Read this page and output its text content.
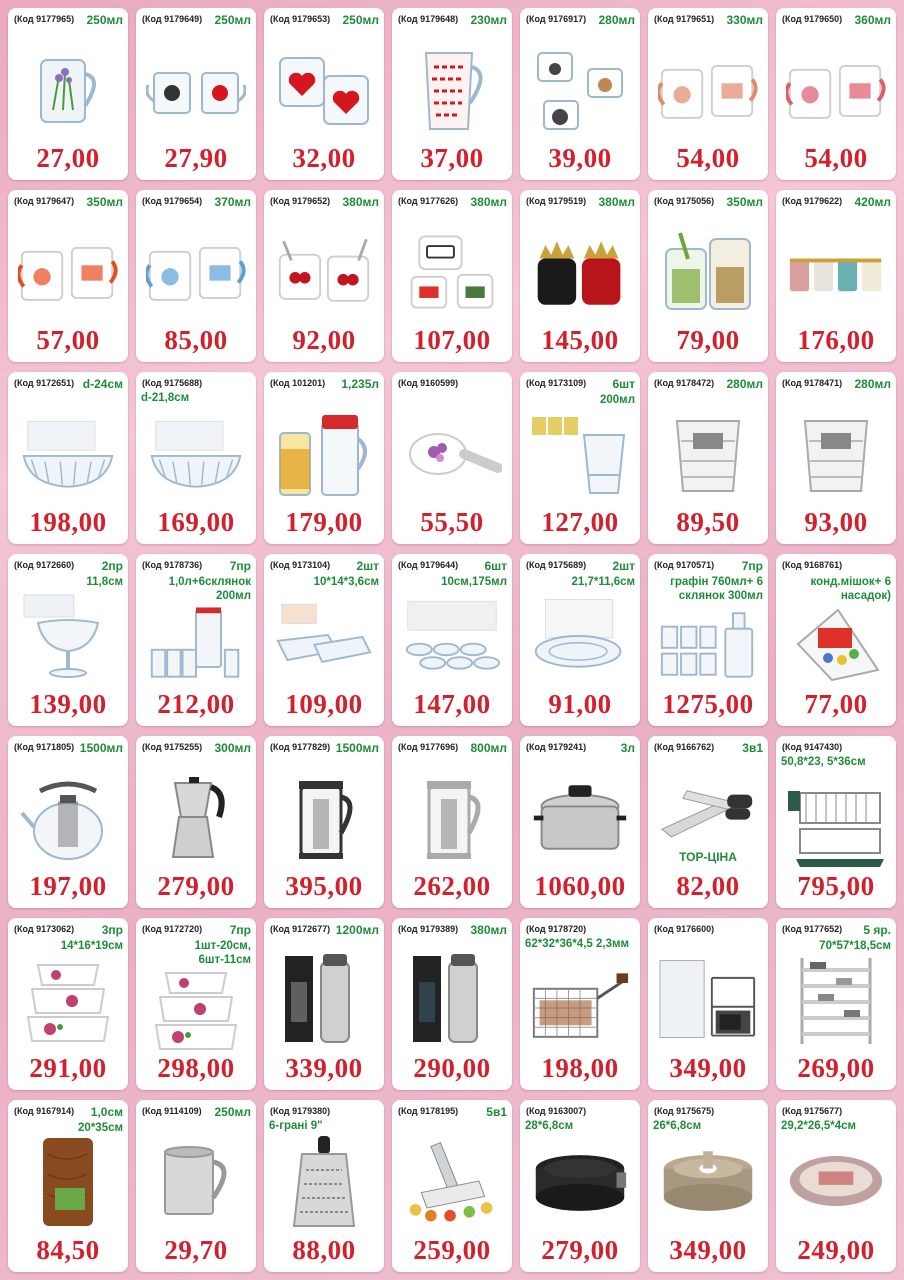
(Код 9177965) 250мл
27,00
(Код 9179649) 250мл
27,90
(Код 9179653) 250мл
32,00
(Код 9179648) 230мл
37,00
(Код 9176917) 280мл
39,00
(Код 9179651) 330мл
54,00
(Код 9179650) 360мл
54,00
(Код 9179647) 350мл
57,00
(Код 9179654) 370мл
85,00
(Код 9179652) 380мл
92,00
(Код 9177626) 380мл
107,00
(Код 9179519) 380мл
145,00
(Код 9175056) 350мл
79,00
(Код 9179622) 420мл
176,00
(Код 9172651) d-24см
198,00
(Код 9175688)
d-21,8см
169,00
(Код 101201) 1,235л
179,00
(Код 9160599)
55,50
(Код 9173109) 6шт
200мл
127,00
(Код 9178472) 280мл
89,50
(Код 9178471) 280мл
93,00
(Код 9172660) 2пр
11,8см
139,00
(Код 9178736) 7пр
1,0л+6склянок 200мл
212,00
(Код 9173104) 2шт
10*14*3,6см
109,00
(Код 9179644) 6шт
10см,175мл
147,00
(Код 9175689) 2шт
21,7*11,6см
91,00
(Код 9170571) 7пр
графін 760мл+ 6 склянок 300мл
1275,00
(Код 9168761)
конд.мішок+ 6 насадок)
77,00
(Код 9171805) 1500мл
197,00
(Код 9175255) 300мл
279,00
(Код 9177829) 1500мл
395,00
(Код 9177696) 800мл
262,00
(Код 9179241)	3л
1060,00
(Код 9166762) 3в1
ТОР-ЦІНА
82,00
(Код 9147430)
50,8*23, 5*36см
795,00
(Код 9173062) 3пр
14*16*19см
291,00
(Код 9172720) 7пр
1шт-20см, 6шт-11см
298,00
(Код 9172677) 1200мл
339,00
(Код 9179389) 380мл
290,00
(Код 9178720)
62*32*36*4,5 2,3мм
198,00
(Код 9176600)
349,00
(Код 9177652) 5 яр.
70*57*18,5см
269,00
(Код 9167914) 1,0см
20*35см
84,50
(Код 9114109) 250мл
29,70
(Код 9179380)
6-грані 9"
88,00
(Код 9178195) 5в1
259,00
(Код 9163007)
28*6,8см
279,00
(Код 9175675)
26*6,8см
349,00
(Код 9175677)
29,2*26,5*4см
249,00
